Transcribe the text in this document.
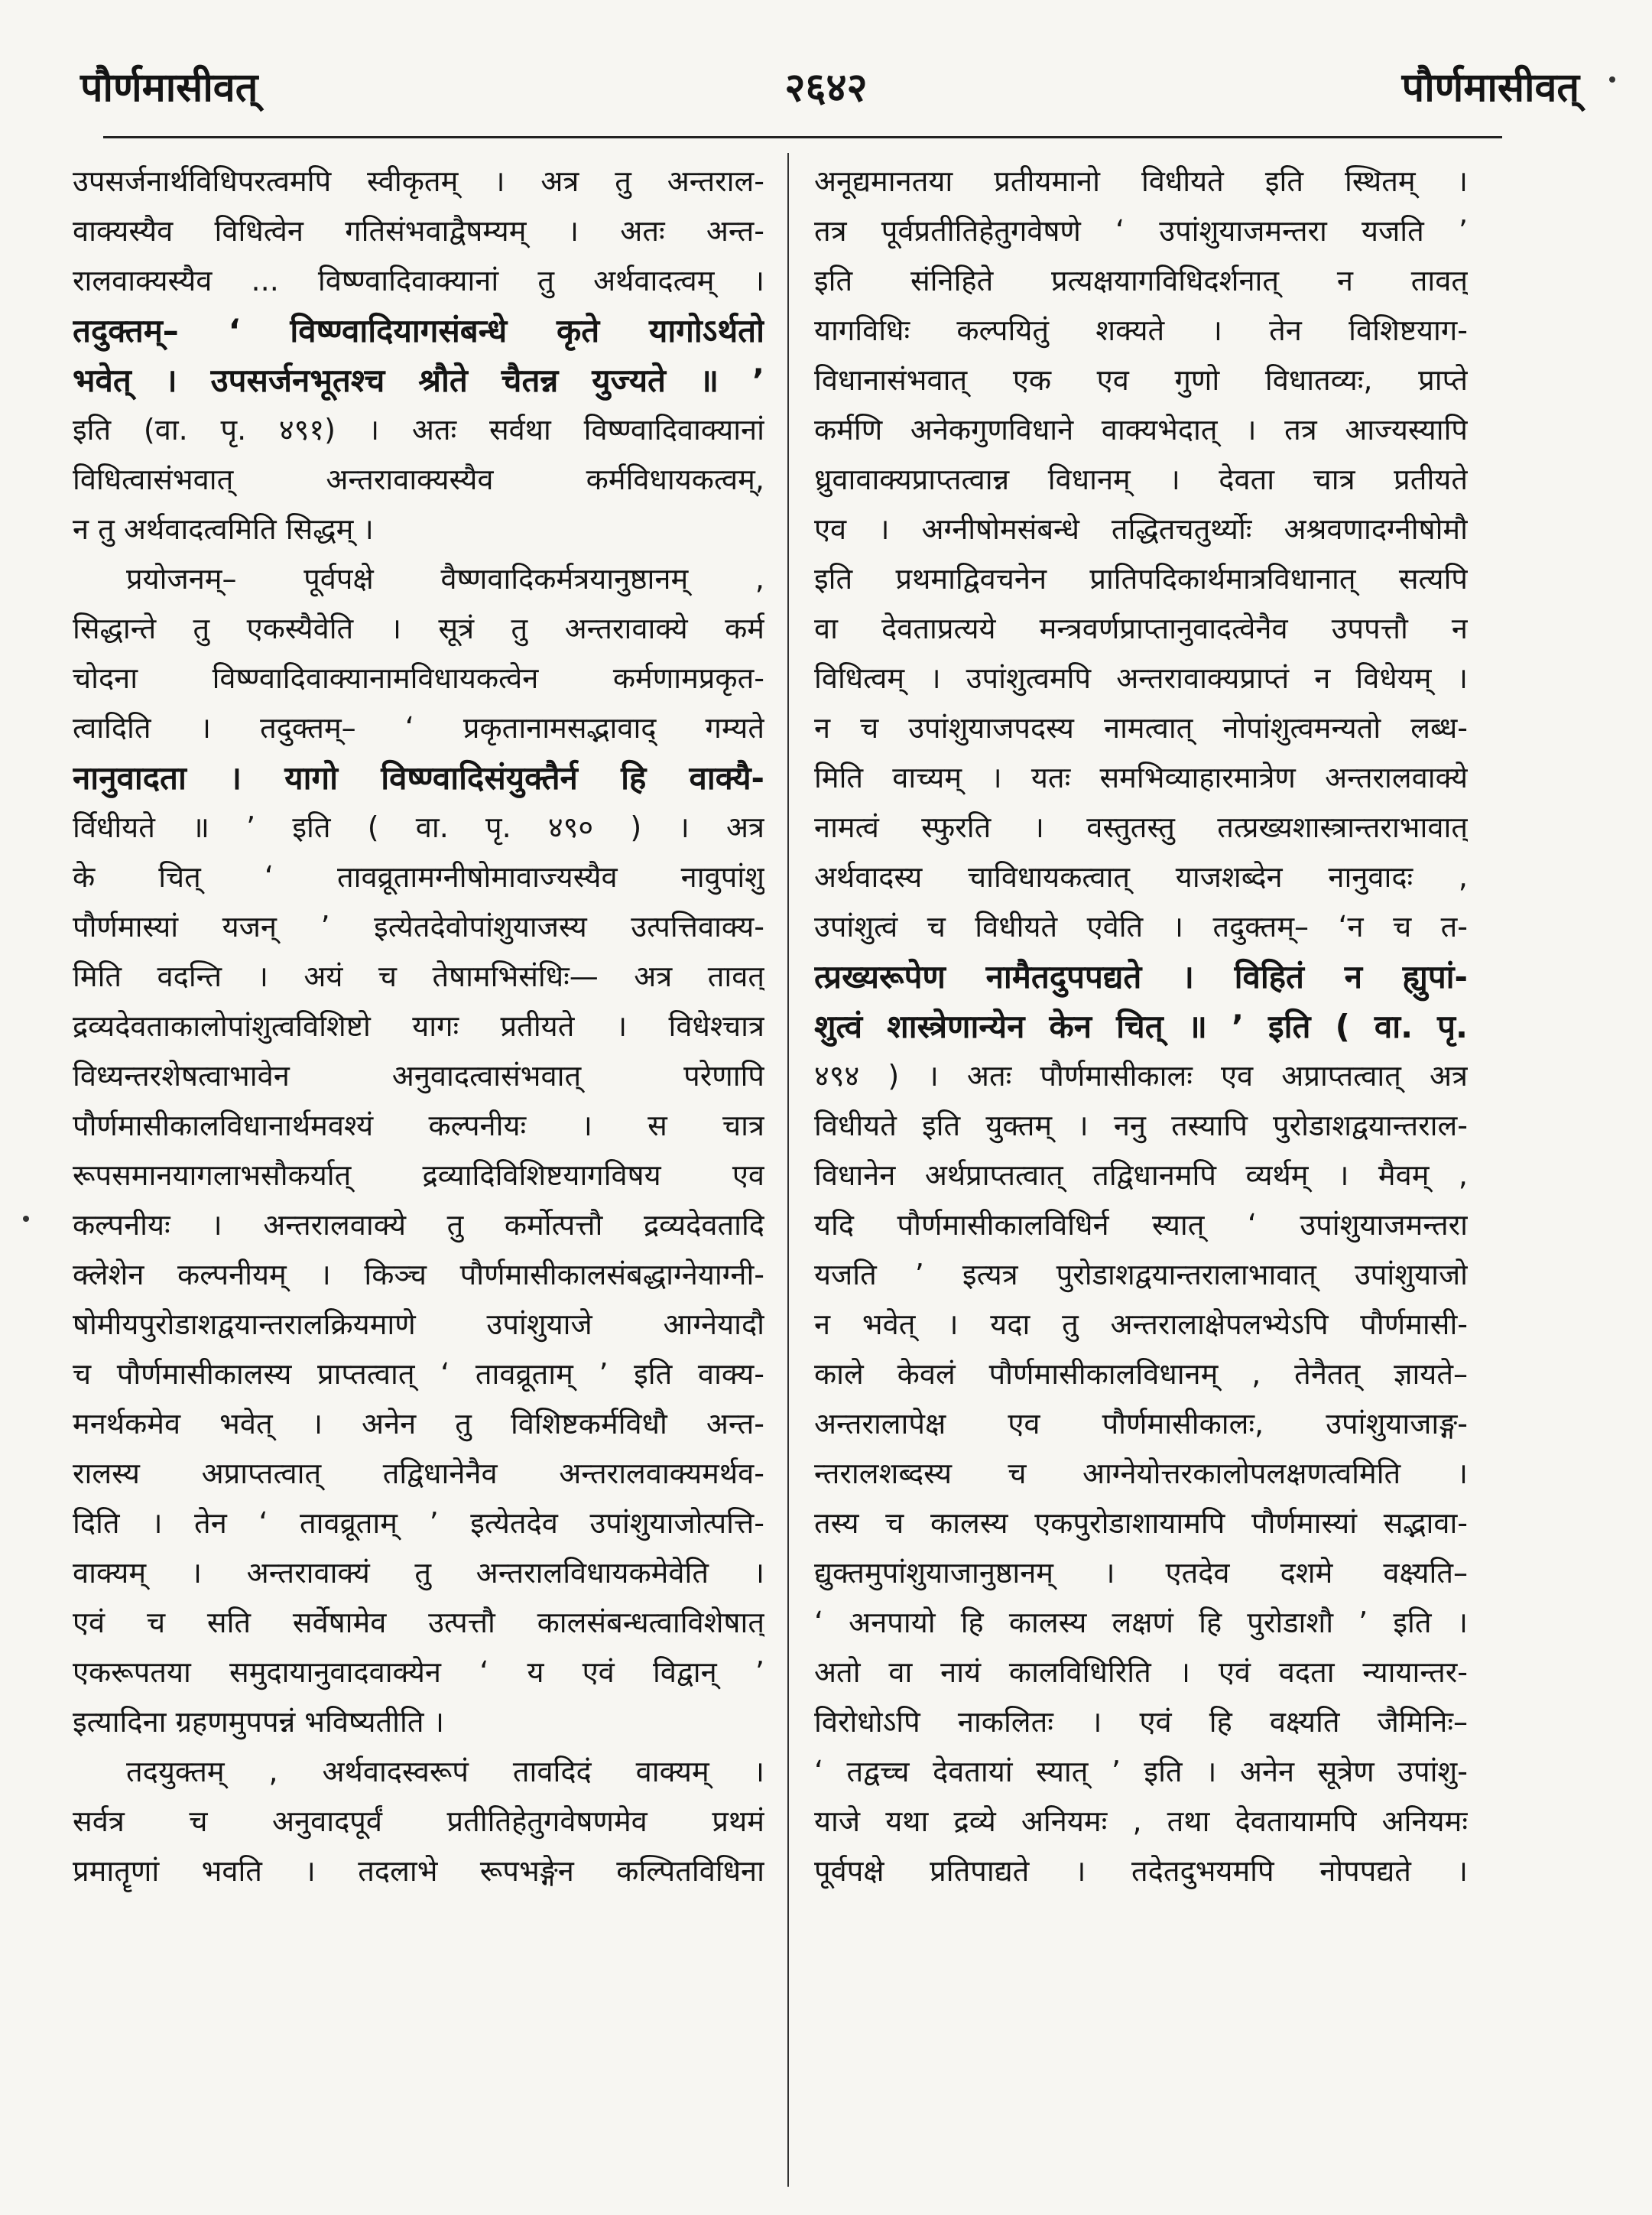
पौर्णमासीवत्	२६४२	पौर्णमासीवत्
उपसर्जनार्थविधिपरत्वमपि स्वीकृतम् । अत्र तु अन्तराल-
वाक्यस्यैव विधित्वेन गतिसंभवाद्वैषम्यम् । अतः अन्त-
रालवाक्यस्यैव ... विष्ण्वादिवाक्यानां तु अर्थवादत्वम् ।
तदुक्तम्– ‘ विष्ण्वादियागसंबन्धे कृते यागोऽर्थतो
भवेत् । उपसर्जनभूतश्च श्रौते चैतन्न युज्यते ॥ ’
इति (वा. पृ. ४९१) । अतः सर्वथा विष्ण्वादिवाक्यानां
विधित्वासंभवात् अन्तरावाक्यस्यैव कर्मविधायकत्वम्,
न तु अर्थवादत्वमिति सिद्धम् ।
प्रयोजनम्– पूर्वपक्षे वैष्णवादिकर्मत्रयानुष्ठानम् ,
सिद्धान्ते तु एकस्यैवेति । सूत्रं तु अन्तरावाक्ये कर्म
चोदना विष्ण्वादिवाक्यानामविधायकत्वेन कर्मणामप्रकृत-
त्वादिति । तदुक्तम्– ‘ प्रकृतानामसद्भावाद् गम्यते
नानुवादता । यागो विष्ण्वादिसंयुक्तैर्न हि वाक्यै-
र्विधीयते ॥ ’ इति ( वा. पृ. ४९० ) । अत्र
के चित् ‘ तावव्रूतामग्नीषोमावाज्यस्यैव नावुपांशु
पौर्णमास्यां यजन् ’ इत्येतदेवोपांशुयाजस्य उत्पत्तिवाक्य-
मिति वदन्ति । अयं च तेषामभिसंधिः— अत्र तावत्
द्रव्यदेवताकालोपांशुत्वविशिष्टो यागः प्रतीयते । विधेश्चात्र
विध्यन्तरशेषत्वाभावेन अनुवादत्वासंभवात् परेणापि
पौर्णमासीकालविधानार्थमवश्यं कल्पनीयः । स चात्र
रूपसमानयागलाभसौकर्यात् द्रव्यादिविशिष्टयागविषय एव
कल्पनीयः । अन्तरालवाक्ये तु कर्मोत्पत्तौ द्रव्यदेवतादि
क्लेशेन कल्पनीयम् । किञ्च पौर्णमासीकालसंबद्धाग्नेयाग्नी-
षोमीयपुरोडाशद्वयान्तरालक्रियमाणे उपांशुयाजे आग्नेयादौ
च पौर्णमासीकालस्य प्राप्तत्वात् ‘ तावव्रूताम् ’ इति वाक्य-
मनर्थकमेव भवेत् । अनेन तु विशिष्टकर्मविधौ अन्त-
रालस्य अप्राप्तत्वात् तद्विधानेनैव अन्तरालवाक्यमर्थव-
दिति । तेन ‘ तावव्रूताम् ’ इत्येतदेव उपांशुयाजोत्पत्ति-
वाक्यम् । अन्तरावाक्यं तु अन्तरालविधायकमेवेति ।
एवं च सति सर्वेषामेव उत्पत्तौ कालसंबन्धत्वाविशेषात्
एकरूपतया समुदायानुवादवाक्येन ‘ य एवं विद्वान् ’
इत्यादिना ग्रहणमुपपन्नं भविष्यतीति ।
तदयुक्तम् , अर्थवादस्वरूपं तावदिदं वाक्यम् ।
सर्वत्र च अनुवादपूर्वं प्रतीतिहेतुगवेषणमेव प्रथमं
प्रमातॄणां भवति । तदलाभे रूपभङ्गेन कल्पितविधिना
अनूद्यमानतया प्रतीयमानो विधीयते इति स्थितम् ।
तत्र पूर्वप्रतीतिहेतुगवेषणे ‘ उपांशुयाजमन्तरा यजति ’
इति संनिहिते प्रत्यक्षयागविधिदर्शनात् न तावत्
यागविधिः कल्पयितुं शक्यते । तेन विशिष्टयाग-
विधानासंभवात् एक एव गुणो विधातव्यः, प्राप्ते
कर्मणि अनेकगुणविधाने वाक्यभेदात् । तत्र आज्यस्यापि
ध्रुवावाक्यप्राप्तत्वान्न विधानम् । देवता चात्र प्रतीयते
एव । अग्नीषोमसंबन्धे तद्धितचतुर्थ्योः अश्रवणादग्नीषोमौ
इति प्रथमाद्विवचनेन प्रातिपदिकार्थमात्रविधानात् सत्यपि
वा देवताप्रत्यये मन्त्रवर्णप्राप्तानुवादत्वेनैव उपपत्तौ न
विधित्वम् । उपांशुत्वमपि अन्तरावाक्यप्राप्तं न विधेयम् ।
न च उपांशुयाजपदस्य नामत्वात् नोपांशुत्वमन्यतो लब्ध-
मिति वाच्यम् । यतः समभिव्याहारमात्रेण अन्तरालवाक्ये
नामत्वं स्फुरति । वस्तुतस्तु तत्प्रख्यशास्त्रान्तराभावात्
अर्थवादस्य चाविधायकत्वात् याजशब्देन नानुवादः ,
उपांशुत्वं च विधीयते एवेति । तदुक्तम्– ‘न च त-
त्प्रख्यरूपेण नामैतदुपपद्यते । विहितं न ह्युपां-
शुत्वं शास्त्रेणान्येन केन चित् ॥ ’ इति ( वा. पृ.
४९४ ) । अतः पौर्णमासीकालः एव अप्राप्तत्वात् अत्र
विधीयते इति युक्तम् । ननु तस्यापि पुरोडाशद्वयान्तराल-
विधानेन अर्थप्राप्तत्वात् तद्विधानमपि व्यर्थम् । मैवम् ,
यदि पौर्णमासीकालविधिर्न स्यात् ‘ उपांशुयाजमन्तरा
यजति ’ इत्यत्र पुरोडाशद्वयान्तरालाभावात् उपांशुयाजो
न भवेत् । यदा तु अन्तरालाक्षेपलभ्येऽपि पौर्णमासी-
काले केवलं पौर्णमासीकालविधानम् , तेनैतत् ज्ञायते–
अन्तरालापेक्ष एव पौर्णमासीकालः, उपांशुयाजाङ्ग-
न्तरालशब्दस्य च आग्नेयोत्तरकालोपलक्षणत्वमिति ।
तस्य च कालस्य एकपुरोडाशायामपि पौर्णमास्यां सद्भावा-
द्युक्तमुपांशुयाजानुष्ठानम् । एतदेव दशमे वक्ष्यति–
‘ अनपायो हि कालस्य लक्षणं हि पुरोडाशौ ’ इति ।
अतो वा नायं कालविधिरिति । एवं वदता न्यायान्तर-
विरोधोऽपि नाकलितः । एवं हि वक्ष्यति जैमिनिः–
‘ तद्वच्च देवतायां स्यात् ’ इति । अनेन सूत्रेण उपांशु-
याजे यथा द्रव्ये अनियमः , तथा देवतायामपि अनियमः
पूर्वपक्षे प्रतिपाद्यते । तदेतदुभयमपि नोपपद्यते ।
